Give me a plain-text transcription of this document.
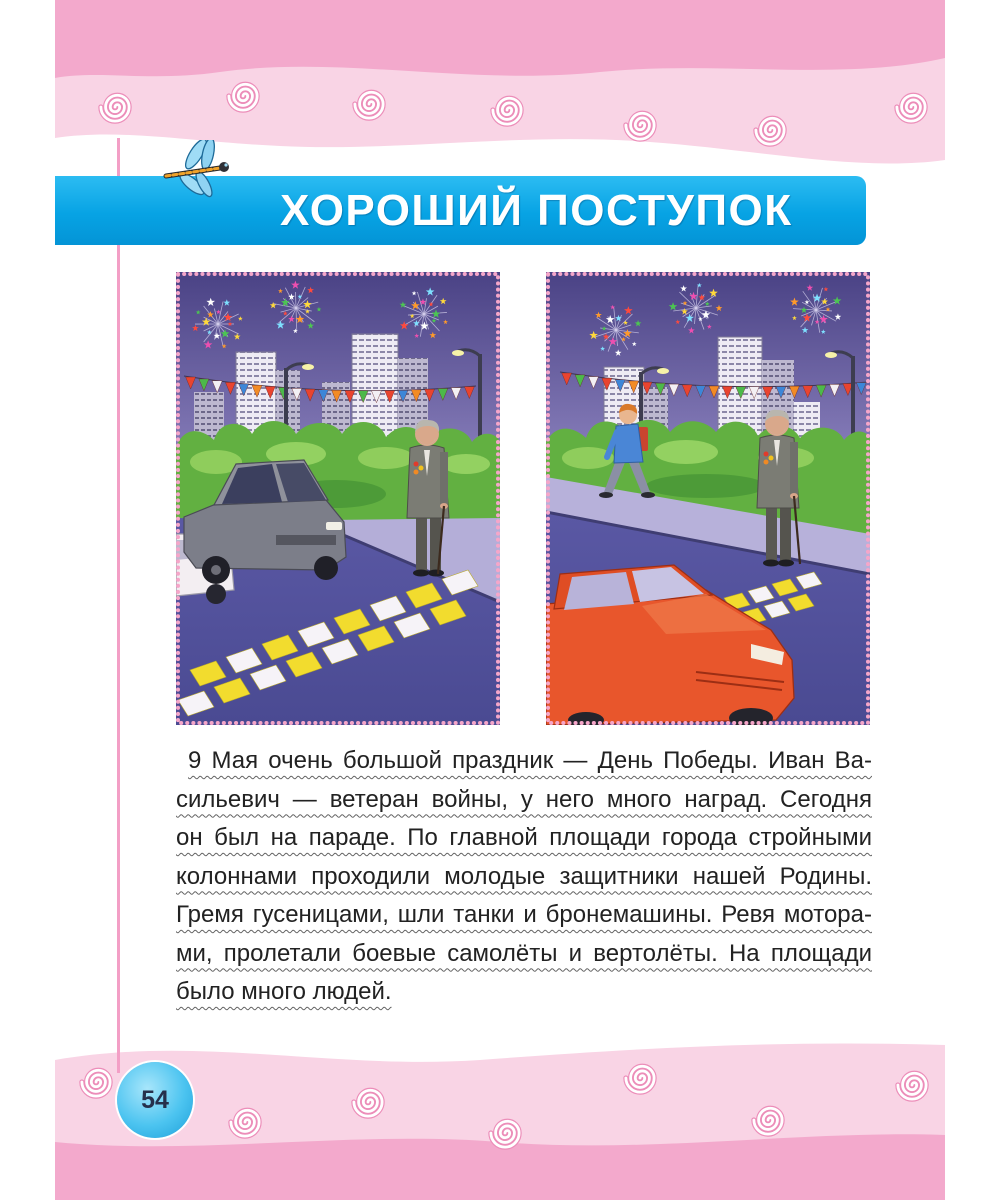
ХОРОШИЙ ПОСТУПОК
9 Мая очень большой праздник — День Победы. Иван Ва-
сильевич — ветеран войны, у него много наград. Сегодня
он был на параде. По главной площади города стройными
колоннами проходили молодые защитники нашей Родины.
Гремя гусеницами, шли танки и бронемашины. Ревя мотора-
ми, пролетали боевые самолёты и вертолёты. На площади
было много людей.
54
